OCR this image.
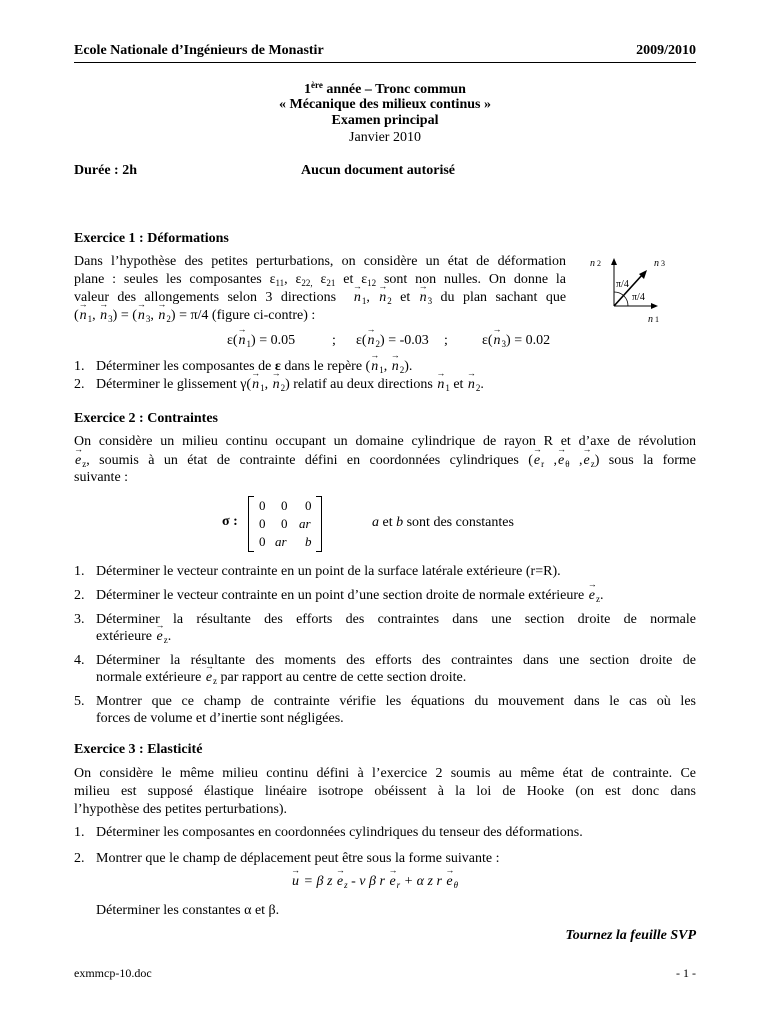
Ecole Nationale d’Ingénieurs de Monastir	2009/2010
1ère année – Tronc commun
« Mécanique des milieux continus »
Examen principal
Janvier 2010
Durée : 2h	Aucun document autorisé
Exercice 1 : Déformations
Dans l’hypothèse des petites perturbations, on considère un état de déformation
plane : seules les composantes $\varepsilon_{11}$, $\varepsilon_{22,}$ $\varepsilon_{21}$ et $\varepsilon_{12}$ sont non nulles. On donne la
valeur des allongements selon 3 directions → $n_1$, → $n_2$ et → $n_3$ du plan sachant que
(→ $n_1$, → $n_3$) = (→ $n_3$, → $n_2) = \pi/4$ (figure ci-contre) :
n 2	n 3
n 1
π/4
π/4
$\varepsilon(\to n_1) = 0.05$	; $\varepsilon(\to n_2) = -0.03$ ; $\varepsilon(\to n_3) = 0.02$
1. Déterminer les composantes de ε dans le repère (→ $n_1$, → $n_2$).
2. Déterminer le glissement $\gamma(\to n_1$, → $n_2$) relatif au deux directions → $n_1$ et → $n_2$.
Exercice 2 : Contraintes
On considère un milieu continu occupant un domaine cylindrique de rayon R et d’axe de révolution
→ $e_z$, soumis à un état de contrainte défini en coordonnées cylindriques (→ $e_r$ ,→ $e_\theta$ ,→ $e_z$) sous la forme
suivante :
σ :
0 0 0
0 0 ar
0 ar b
a et b sont des constantes
1. Déterminer le vecteur contrainte en un point de la surface latérale extérieure (r=R).
2. Déterminer le vecteur contrainte en un point d’une section droite de normale extérieure → $e_z$.
3. Déterminer la résultante des efforts des contraintes dans une section droite de normale
extérieure → $e_z$.
4. Déterminer la résultante des moments des efforts des contraintes dans une section droite de
normale extérieure → $e_z$ par rapport au centre de cette section droite.
5. Montrer que ce champ de contrainte vérifie les équations du mouvement dans le cas où les
forces de volume et d’inertie sont négligées.
Exercice 3 : Elasticité
On considère le même milieu continu défini à l’exercice 2 soumis au même état de contrainte. Ce
milieu est supposé élastique linéaire isotrope obéissent à la loi de Hooke (on est donc dans
l’hypothèse des petites perturbations).
1. Déterminer les composantes en coordonnées cylindriques du tenseur des déformations.
2. Montrer que le champ de déplacement peut être sous la forme suivante :
→ u = β $z \to e_z - \nu$ β $r \to e_r + \alpha$ z $r \to e_\theta$
Déterminer les constantes α et β.
Tournez la feuille SVP
exmmcp-10.doc	- 1 -
